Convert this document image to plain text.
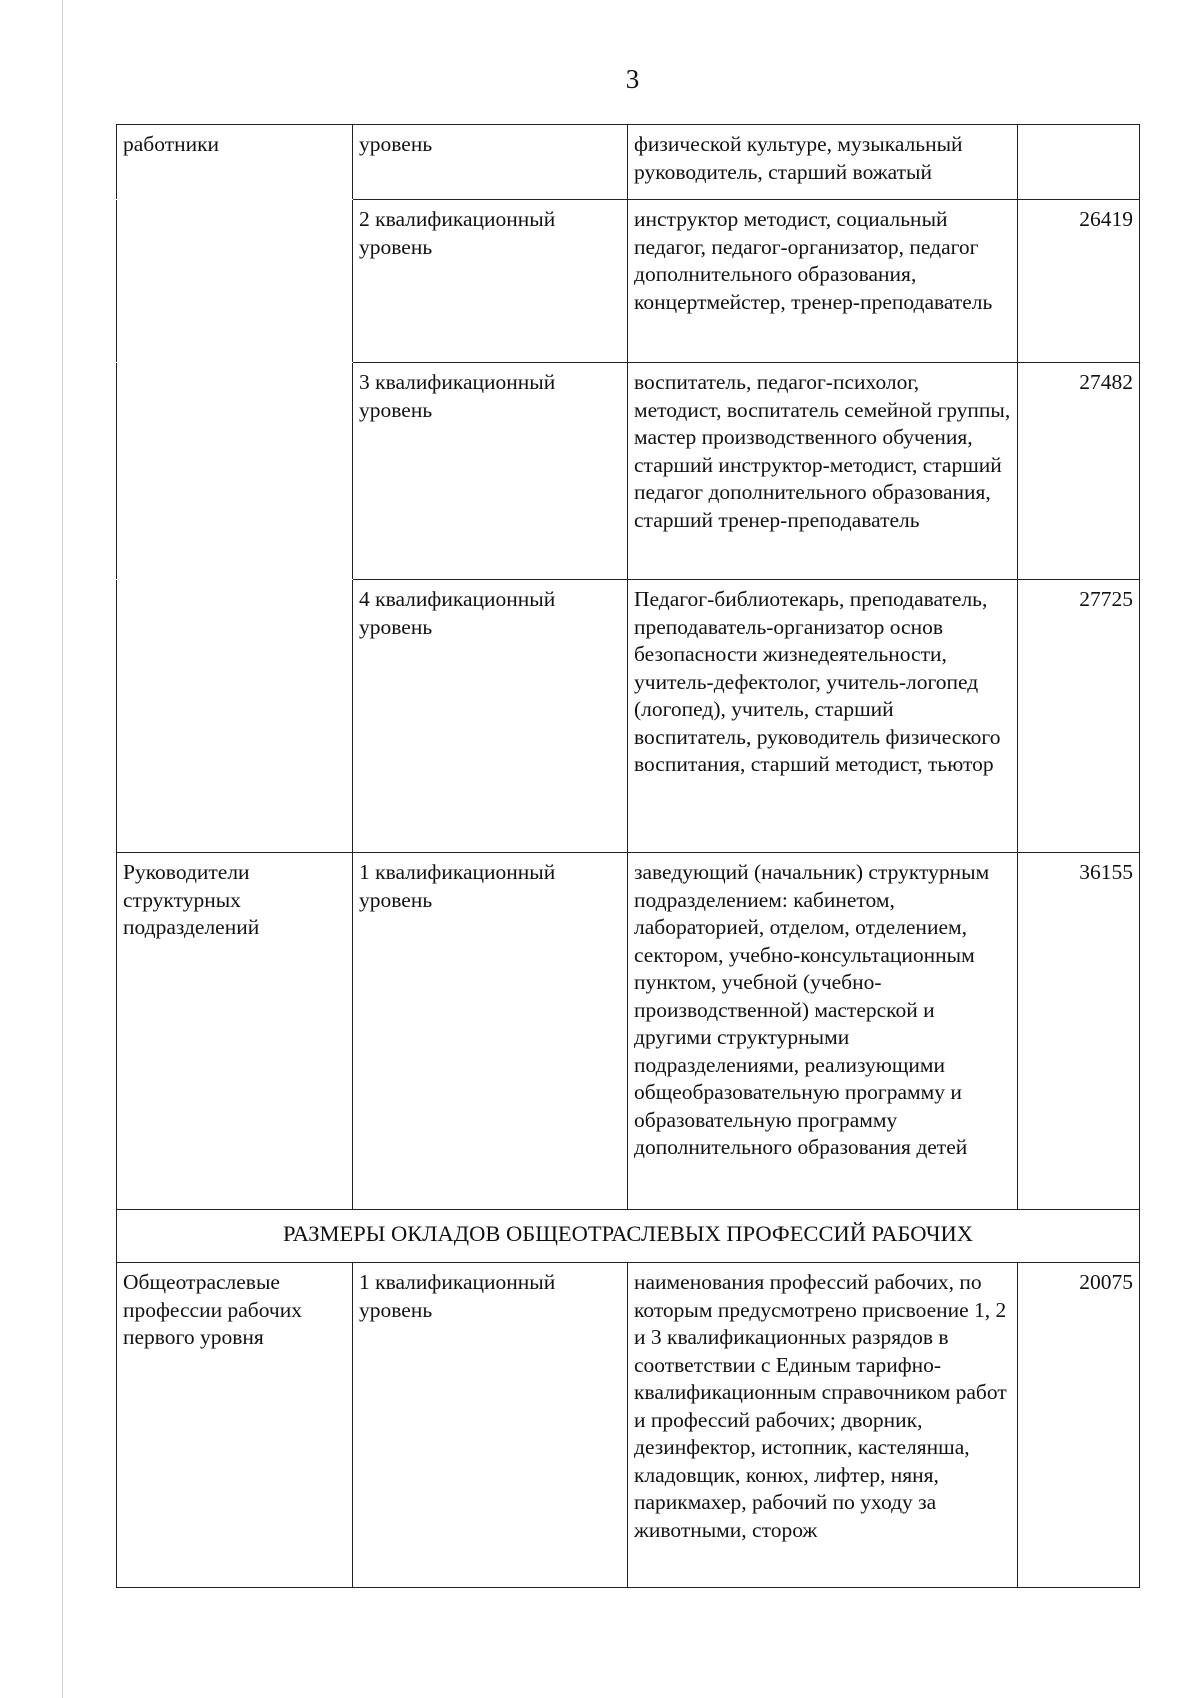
3
работники	уровень	физической культуре, музыкальный руководитель, старший вожатый	
	2 квалификационный уровень	инструктор методист, социальный педагог, педагог-организатор, педагог дополнительного образования, концертмейстер, тренер-преподаватель	26419
	3 квалификационный уровень	воспитатель, педагог-психолог, методист, воспитатель семейной группы, мастер производственного обучения, старший инструктор-методист, старший педагог дополнительного образования, старший тренер-преподаватель	27482
	4 квалификационный уровень	Педагог-библиотекарь, преподаватель, преподаватель-организатор основ безопасности жизнедеятельности, учитель-дефектолог, учитель-логопед (логопед), учитель, старший воспитатель, руководитель физического воспитания, старший методист, тьютор	27725
Руководители структурных подразделений	1 квалификационный уровень	заведующий (начальник) структурным подразделением: кабинетом, лабораторией, отделом, отделением, сектором, учебно-консультационным пунктом, учебной (учебно-производственной) мастерской и другими структурными подразделениями, реализующими общеобразовательную программу и образовательную программу дополнительного образования детей	36155
РАЗМЕРЫ ОКЛАДОВ ОБЩЕОТРАСЛЕВЫХ ПРОФЕССИЙ РАБОЧИХ			
Общеотраслевые профессии рабочих первого уровня	1 квалификационный уровень	наименования профессий рабочих, по которым предусмотрено присвоение 1, 2 и 3 квалификационных разрядов в соответствии с Единым тарифно-квалификационным справочником работ и профессий рабочих; дворник, дезинфектор, истопник, кастелянша, кладовщик, конюх, лифтер, няня, парикмахер, рабочий по уходу за животными, сторож	20075
